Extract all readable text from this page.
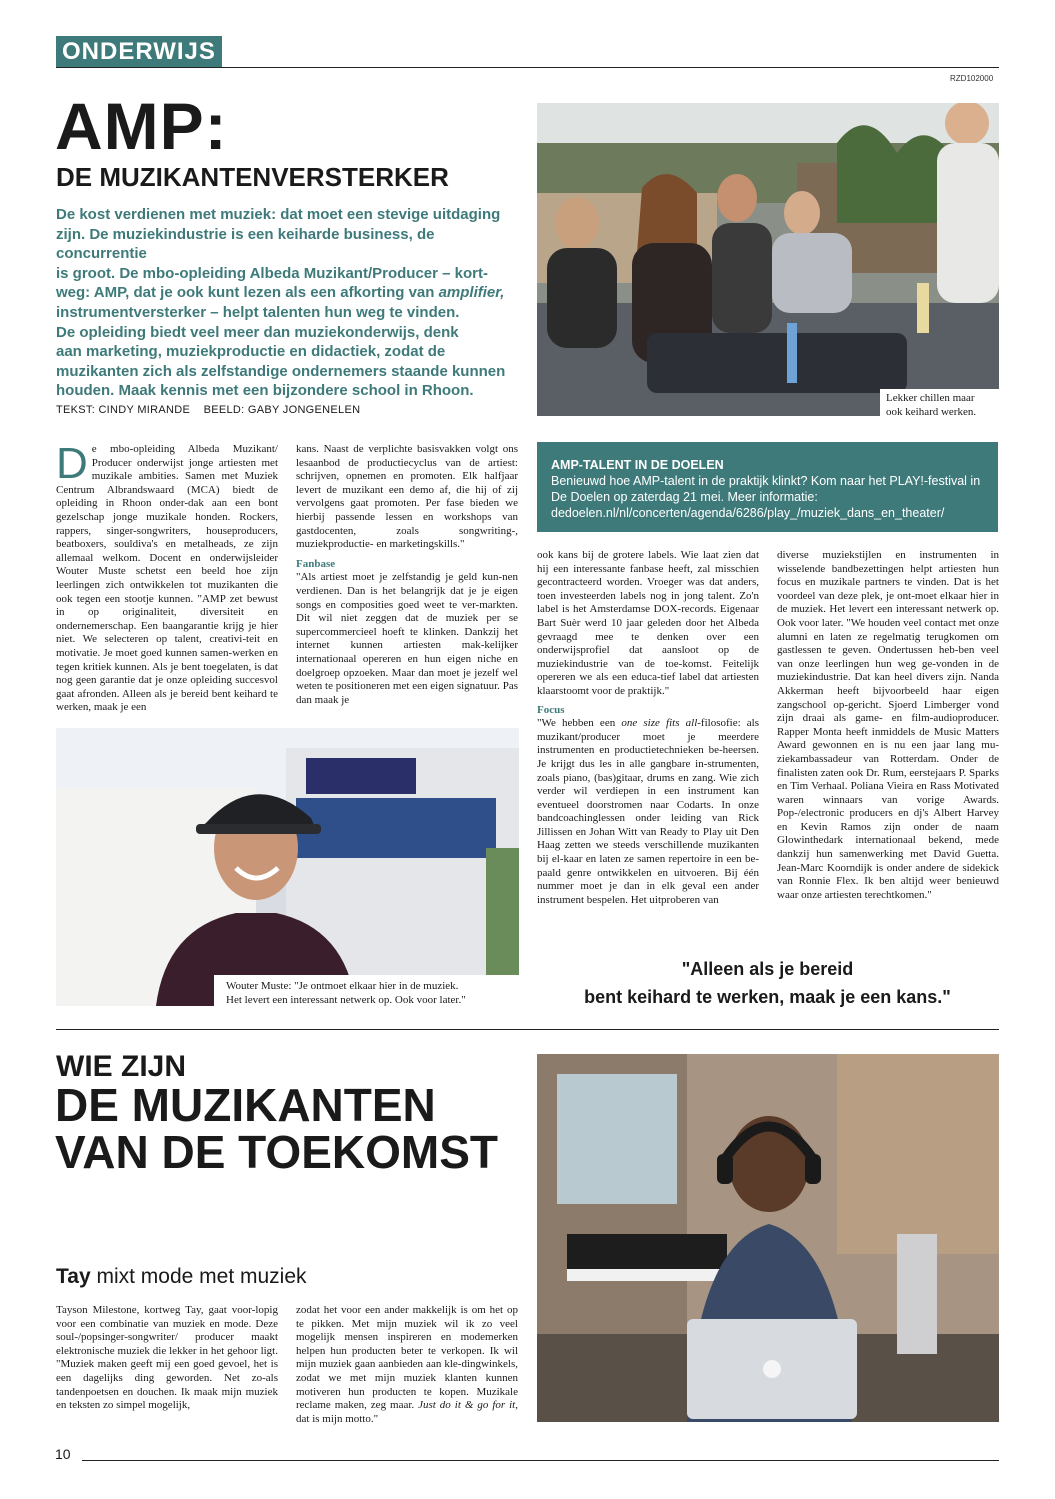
ONDERWIJS
RZD102000
AMP:
DE MUZIKANTENVERSTERKER
De kost verdienen met muziek: dat moet een stevige uitdaging
zijn. De muziekindustrie is een keiharde business, de concurrentie
is groot. De mbo-opleiding Albeda Muzikant/Producer – kort-
weg: AMP, dat je ook kunt lezen als een afkorting van amplifier,
instrumentversterker – helpt talenten hun weg te vinden.
De opleiding biedt veel meer dan muziekonderwijs, denk
aan marketing, muziekproductie en didactiek, zodat de
muzikanten zich als zelfstandige ondernemers staande kunnen
houden. Maak kennis met een bijzondere school in Rhoon.
TEKST: CINDY MIRANDE    BEELD: GABY JONGENELEN
Lekker chillen maar
ook keihard werken.
AMP-TALENT IN DE DOELEN
Benieuwd hoe AMP-talent in de praktijk klinkt? Kom naar het PLAY!-festival in De Doelen op zaterdag 21 mei. Meer informatie: dedoelen.nl/nl/concerten/agenda/6286/play_/muziek_dans_en_theater/
D e mbo-opleiding Albeda Muzikant/ Producer onderwijst jonge artiesten met muzikale ambities. Samen met Muziek Centrum Albrandswaard (MCA) biedt de opleiding in Rhoon onder-dak aan een bont gezelschap jonge muzikale honden. Rockers, rappers, singer-songwriters, houseproducers, beatboxers, souldiva's en metalheads, ze zijn allemaal welkom. Docent en onderwijsleider Wouter Muste schetst een beeld hoe zijn leerlingen zich ontwikkelen tot muzikanten die ook tegen een stootje kunnen. "AMP zet bewust in op originaliteit, diversiteit en ondernemerschap. Een baangarantie krijg je hier niet. We selecteren op talent, creativi-teit en motivatie. Je moet goed kunnen samen-werken en tegen kritiek kunnen. Als je bent toegelaten, is dat nog geen garantie dat je onze opleiding succesvol gaat afronden. Alleen als je bereid bent keihard te werken, maak je een

kans. Naast de verplichte basisvakken volgt ons lesaanbod de productiecyclus van de artiest: schrijven, opnemen en promoten. Elk halfjaar levert de muzikant een demo af, die hij of zij vervolgens gaat promoten. Per fase bieden we hierbij passende lessen en workshops van gastdocenten, zoals songwriting-, muziekproductie- en marketingskills."

Fanbase

"Als artiest moet je zelfstandig je geld kun-nen verdienen. Dan is het belangrijk dat je je eigen songs en composities goed weet te ver-markten. Dit wil niet zeggen dat de muziek per se supercommercieel hoeft te klinken. Dankzij het internet kunnen artiesten mak-kelijker internationaal opereren en hun eigen niche en doelgroep opzoeken. Maar dan moet je jezelf wel weten te positioneren met een eigen signatuur. Pas dan maak je

ook kans bij de grotere labels. Wie laat zien dat hij een interessante fanbase heeft, zal misschien gecontracteerd worden. Vroeger was dat anders, toen investeerden labels nog in jong talent. Zo'n label is het Amsterdamse DOX-records. Eigenaar Bart Suèr werd 10 jaar geleden door het Albeda gevraagd mee te denken over een onderwijsprofiel dat aansloot op de muziekindustrie van de toe-komst. Feitelijk opereren we als een educa-tief label dat artiesten klaarstoomt voor de praktijk."

Focus

"We hebben een one size fits all-filosofie: als muzikant/producer moet je meerdere instrumenten en productietechnieken be-heersen. Je krijgt dus les in alle gangbare in-strumenten, zoals piano, (bas)gitaar, drums en zang. Wie zich verder wil verdiepen in een instrument kan eventueel doorstromen naar Codarts. In onze bandcoachinglessen onder leiding van Rick Jillissen en Johan Witt van Ready to Play uit Den Haag zetten we steeds verschillende muzikanten bij el-kaar en laten ze samen repertoire in een be-paald genre ontwikkelen en uitvoeren. Bij één nummer moet je dan in elk geval een ander instrument bespelen. Het uitproberen van

diverse muziekstijlen en instrumenten in wisselende bandbezettingen helpt artiesten hun focus en muzikale partners te vinden. Dat is het voordeel van deze plek, je ont-moet elkaar hier in de muziek. Het levert een interessant netwerk op. Ook voor later. "We houden veel contact met onze alumni en laten ze regelmatig terugkomen om gastlessen te geven. Ondertussen heb-ben veel van onze leerlingen hun weg ge-vonden in de muziekindustrie. Dat kan heel divers zijn. Nanda Akkerman heeft bijvoorbeeld haar eigen zangschool op-gericht. Sjoerd Limberger vond zijn draai als game- en film-audioproducer. Rapper Monta heeft inmiddels de Music Matters Award gewonnen en is nu een jaar lang mu-ziekambassadeur van Rotterdam. Onder de finalisten zaten ook Dr. Rum, eerstejaars P. Sparks en Tim Verhaal. Poliana Vieira en Rass Motivated waren winnaars van vorige Awards. Pop-/electronic producers en dj's Albert Harvey en Kevin Ramos zijn onder de naam Glowinthedark internationaal bekend, mede dankzij hun samenwerking met David Guetta. Jean-Marc Koorndijk is onder andere de sidekick van Ronnie Flex. Ik ben altijd weer benieuwd waar onze artiesten terechtkomen."

Wouter Muste: "Je ontmoet elkaar hier in de muziek.
Het levert een interessant netwerk op. Ook voor later."
"Alleen als je bereid
bent keihard te werken, maak je een kans."
WIE ZIJN
DE MUZIKANTEN
VAN DE TOEKOMST
Tay mixt mode met muziek

Tayson Milestone, kortweg Tay, gaat voor-lopig voor een combinatie van muziek en mode. Deze soul-/popsinger-songwriter/ producer maakt elektronische muziek die lekker in het gehoor ligt. "Muziek maken geeft mij een goed gevoel, het is een dagelijks ding geworden. Net zo-als tandenpoetsen en douchen. Ik maak mijn muziek en teksten zo simpel mogelijk,

zodat het voor een ander makkelijk is om het op te pikken. Met mijn muziek wil ik zo veel mogelijk mensen inspireren en modemerken helpen hun producten beter te verkopen. Ik wil mijn muziek gaan aanbieden aan kle-dingwinkels, zodat we met mijn muziek klanten kunnen motiveren hun producten te kopen. Muzikale reclame maken, zeg maar. Just do it & go for it, dat is mijn motto."

10
